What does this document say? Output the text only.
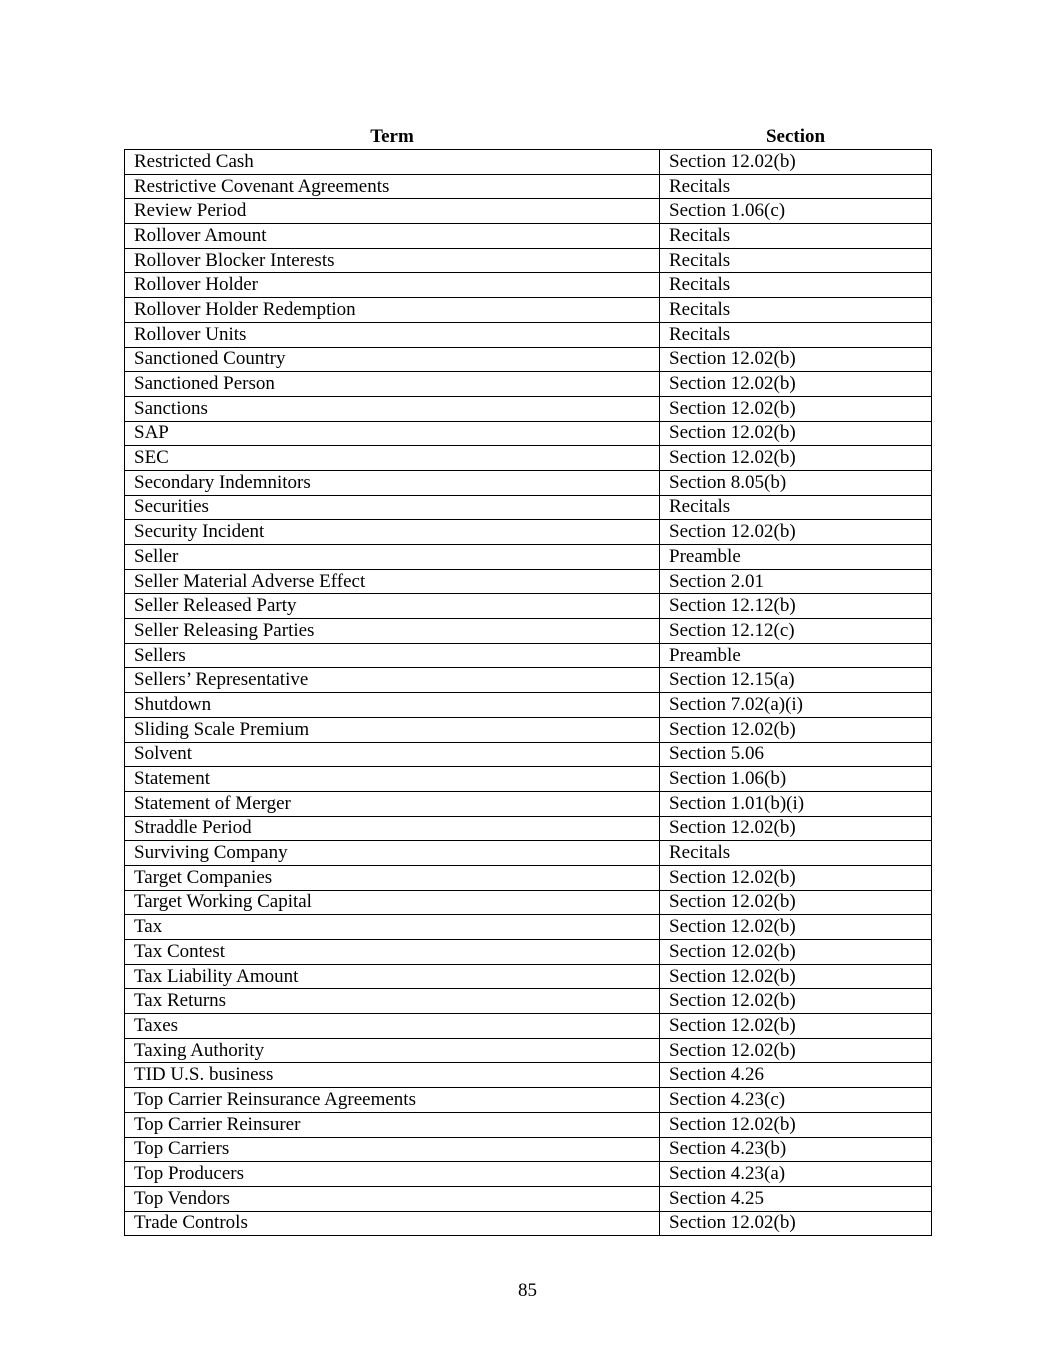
Term	Section
Restricted Cash	Section 12.02(b)
Restrictive Covenant Agreements	Recitals
Review Period	Section 1.06(c)
Rollover Amount	Recitals
Rollover Blocker Interests	Recitals
Rollover Holder	Recitals
Rollover Holder Redemption	Recitals
Rollover Units	Recitals
Sanctioned Country	Section 12.02(b)
Sanctioned Person	Section 12.02(b)
Sanctions	Section 12.02(b)
SAP	Section 12.02(b)
SEC	Section 12.02(b)
Secondary Indemnitors	Section 8.05(b)
Securities	Recitals
Security Incident	Section 12.02(b)
Seller	Preamble
Seller Material Adverse Effect	Section 2.01
Seller Released Party	Section 12.12(b)
Seller Releasing Parties	Section 12.12(c)
Sellers	Preamble
Sellers’ Representative	Section 12.15(a)
Shutdown	Section 7.02(a)(i)
Sliding Scale Premium	Section 12.02(b)
Solvent	Section 5.06
Statement	Section 1.06(b)
Statement of Merger	Section 1.01(b)(i)
Straddle Period	Section 12.02(b)
Surviving Company	Recitals
Target Companies	Section 12.02(b)
Target Working Capital	Section 12.02(b)
Tax	Section 12.02(b)
Tax Contest	Section 12.02(b)
Tax Liability Amount	Section 12.02(b)
Tax Returns	Section 12.02(b)
Taxes	Section 12.02(b)
Taxing Authority	Section 12.02(b)
TID U.S. business	Section 4.26
Top Carrier Reinsurance Agreements	Section 4.23(c)
Top Carrier Reinsurer	Section 12.02(b)
Top Carriers	Section 4.23(b)
Top Producers	Section 4.23(a)
Top Vendors	Section 4.25
Trade Controls	Section 12.02(b)
85
